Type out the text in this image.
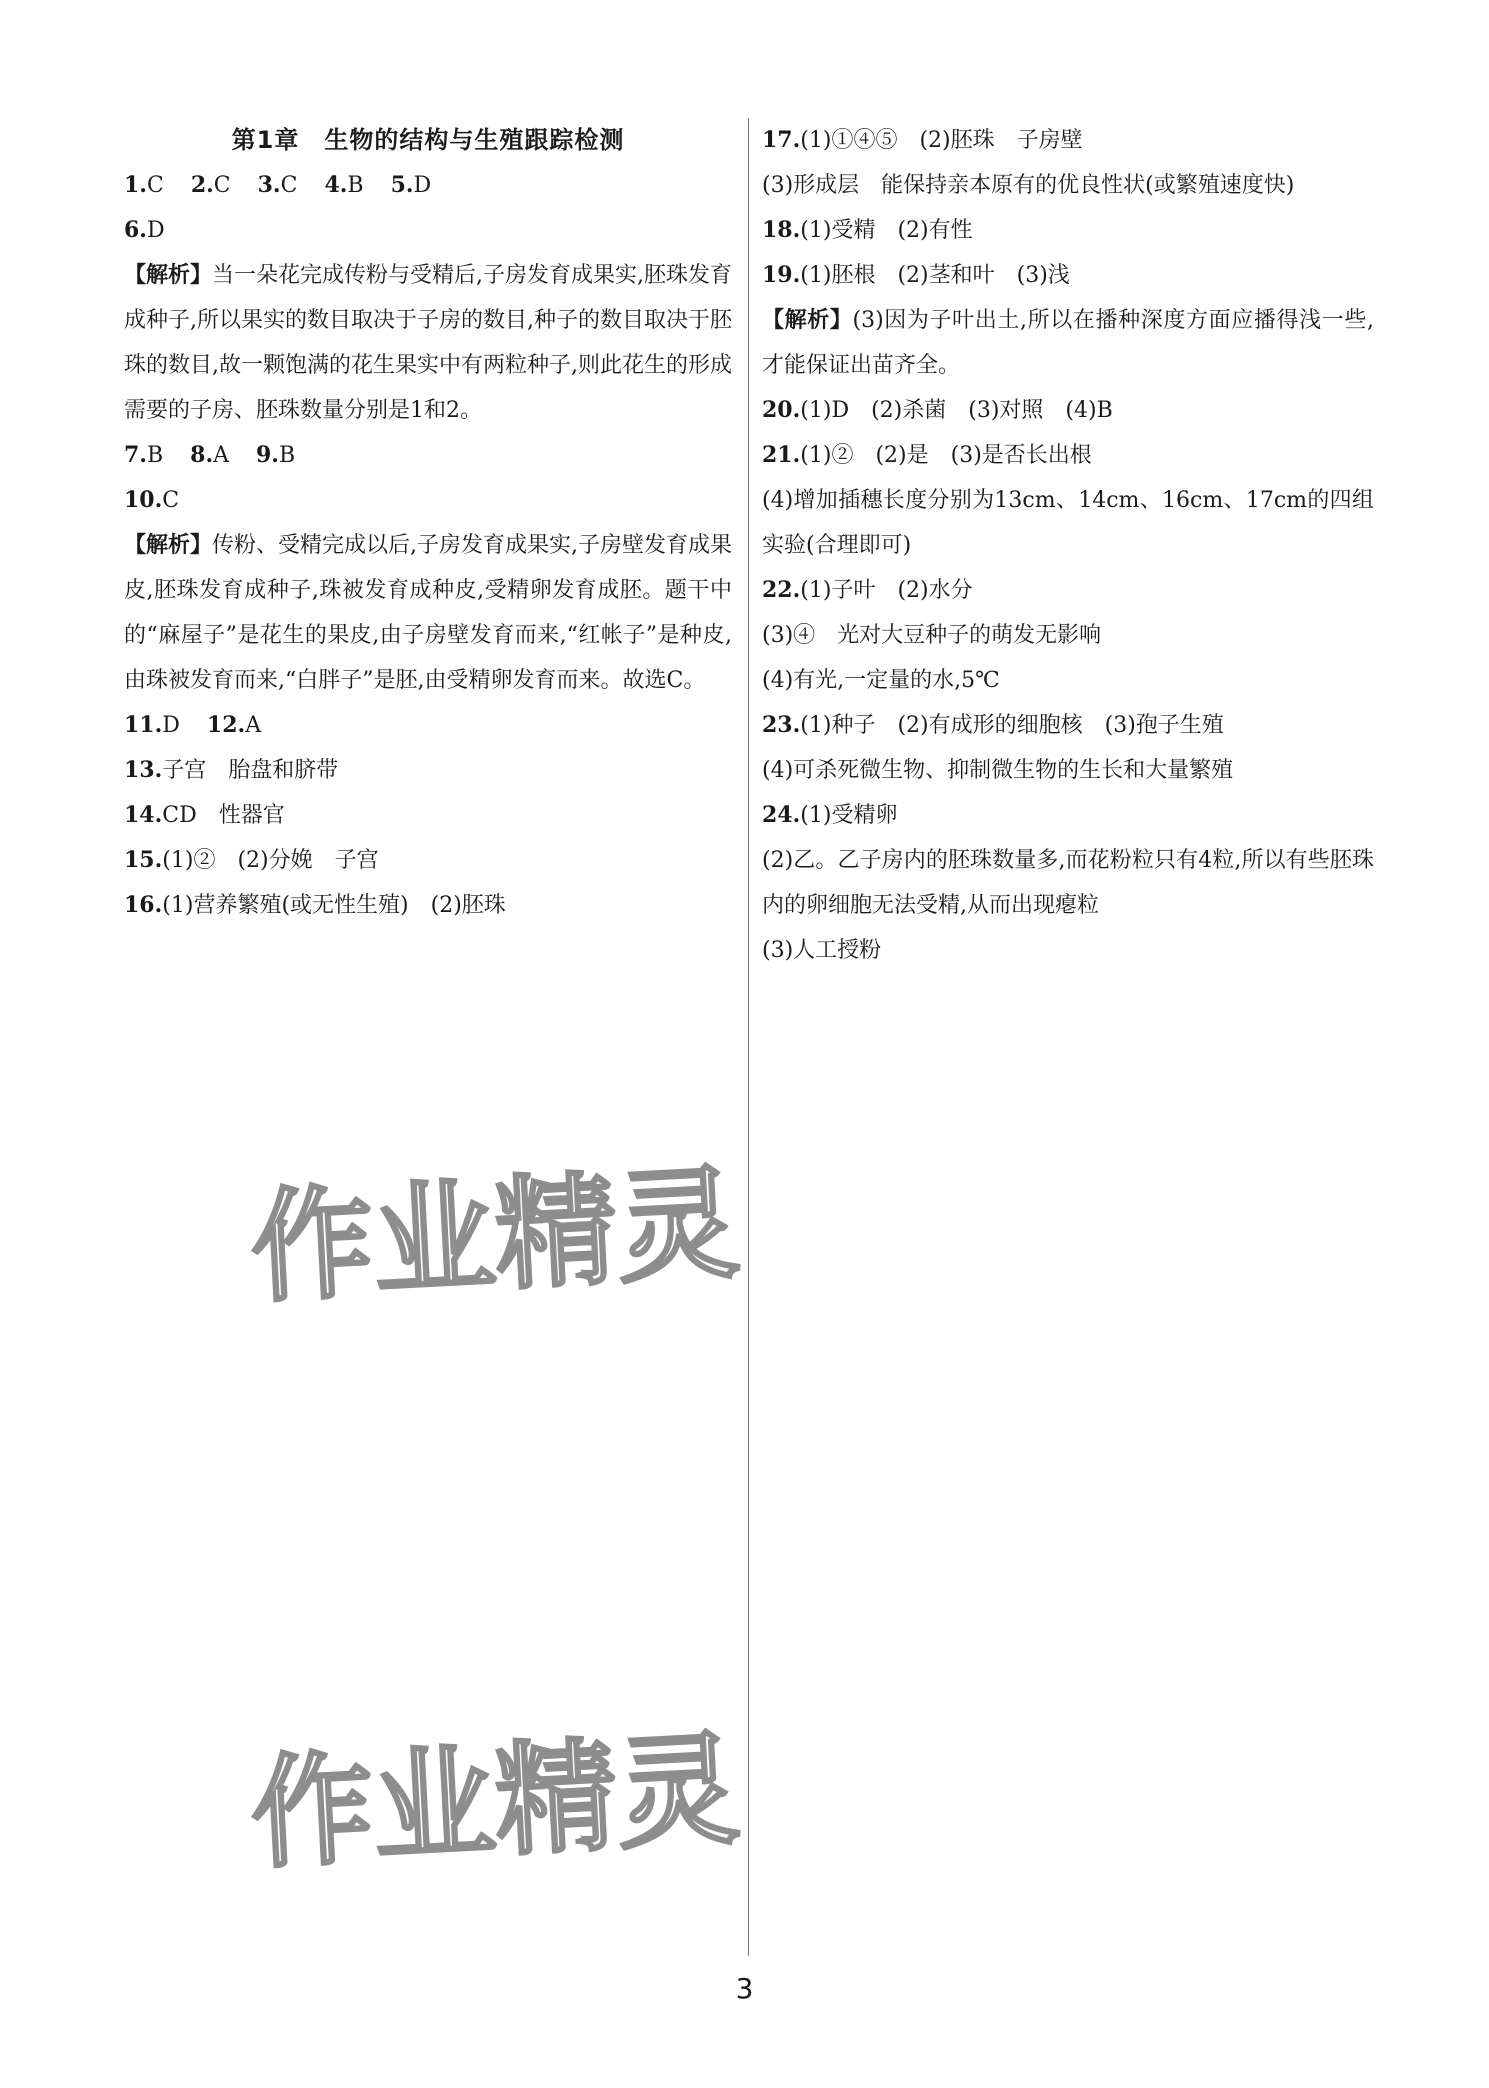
第1章　生物的结构与生殖跟踪检测
1.C 2.C 3.C 4.B 5.D
6.D
【解析】当一朵花完成传粉与受精后,子房发育成果实,胚珠发育成种子,所以果实的数目取决于子房的数目,种子的数目取决于胚珠的数目,故一颗饱满的花生果实中有两粒种子,则此花生的形成需要的子房、胚珠数量分别是1和2。
7.B 8.A 9.B
10.C
【解析】传粉、受精完成以后,子房发育成果实,子房壁发育成果皮,胚珠发育成种子,珠被发育成种皮,受精卵发育成胚。题干中的“麻屋子”是花生的果皮,由子房壁发育而来,“红帐子”是种皮,由珠被发育而来,“白胖子”是胚,由受精卵发育而来。故选C。
11.D 12.A
13.子宫　胎盘和脐带
14.CD　性器官
15.(1)②　(2)分娩　子宫
16.(1)营养繁殖(或无性生殖)　(2)胚珠
17.(1)①④⑤　(2)胚珠　子房壁
(3)形成层　能保持亲本原有的优良性状(或繁殖速度快)
18.(1)受精　(2)有性
19.(1)胚根　(2)茎和叶　(3)浅
【解析】(3)因为子叶出土,所以在播种深度方面应播得浅一些,才能保证出苗齐全。
20.(1)D　(2)杀菌　(3)对照　(4)B
21.(1)②　(2)是　(3)是否长出根
(4)增加插穗长度分别为13cm、14cm、16cm、17cm的四组实验(合理即可)
22.(1)子叶　(2)水分
(3)④　光对大豆种子的萌发无影响
(4)有光,一定量的水,5℃
23.(1)种子　(2)有成形的细胞核　(3)孢子生殖
(4)可杀死微生物、抑制微生物的生长和大量繁殖
24.(1)受精卵
(2)乙。乙子房内的胚珠数量多,而花粉粒只有4粒,所以有些胚珠内的卵细胞无法受精,从而出现瘪粒
(3)人工授粉
作业精灵
作业精灵
3
